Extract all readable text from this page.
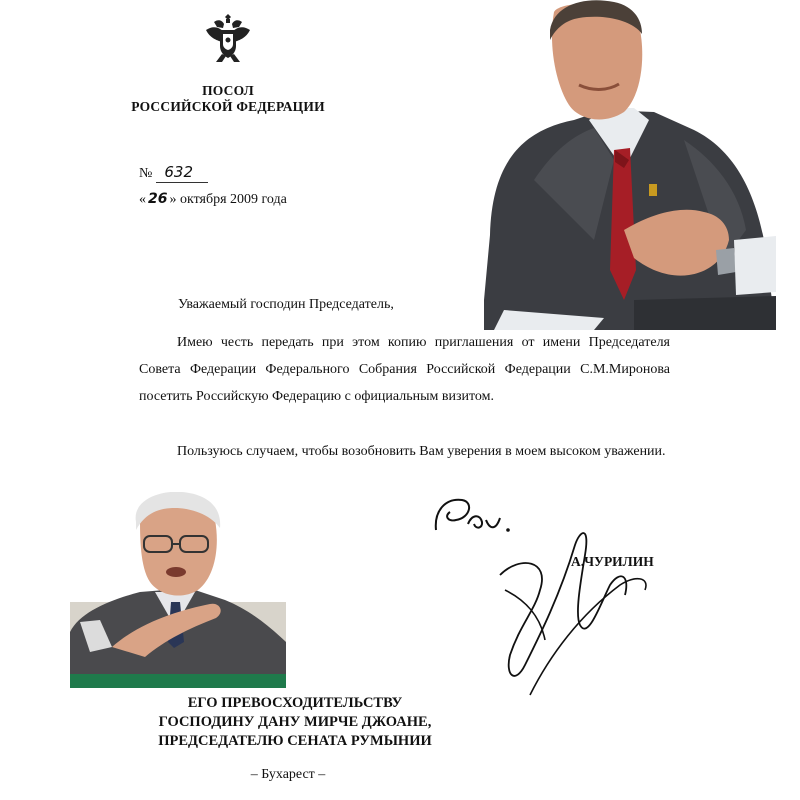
ПОСОЛ
РОССИЙСКОЙ ФЕДЕРАЦИИ
№ 632
« 26 » октября 2009 года
Уважаемый господин Председатель,
Имею честь передать при этом копию приглашения от имени Председателя Совета Федерации Федерального Собрания Российской Федерации С.М.Миронова посетить Российскую Федерацию с официальным визитом.
Пользуюсь случаем, чтобы возобновить Вам уверения в моем высоком уважении.
А.ЧУРИЛИН
ЕГО ПРЕВОСХОДИТЕЛЬСТВУ
ГОСПОДИНУ ДАНУ МИРЧЕ ДЖОАНЕ,
ПРЕДСЕДАТЕЛЮ СЕНАТА РУМЫНИИ
– Бухарест –
